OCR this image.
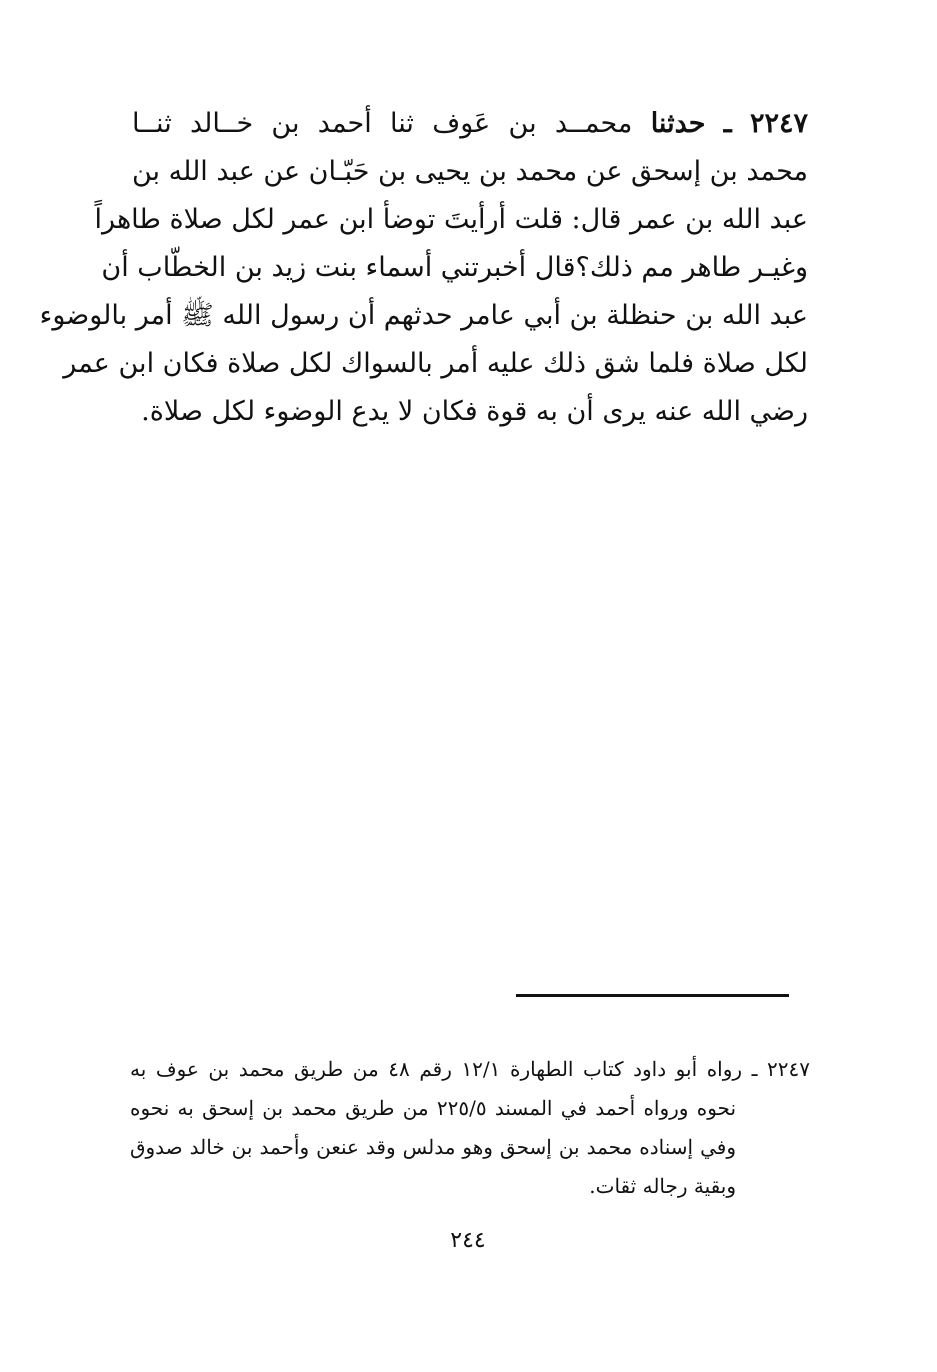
٢٢٤٧ ـ حدثنا محمــد بن عَوف ثنا أحمد بن خــالد ثنــا
محمد بن إسحق عن محمد بن يحيى بن حَبّـان عن عبد الله بن
عبد الله بن عمر قال: قلت أرأيتَ توضأ ابن عمر لكل صلاة طاهراً
وغيـر طاهر مم ذلك؟قال أخبرتني أسماء بنت زيد بن الخطّاب أن
عبد الله بن حنظلة بن أبي عامر حدثهم أن رسول الله ﷺ أمر بالوضوء
لكل صلاة فلما شق ذلك عليه أمر بالسواك لكل صلاة فكان ابن عمر
رضي الله عنه يرى أن به قوة فكان لا يدع الوضوء لكل صلاة.
٢٢٤٧ ـ رواه أبو داود كتاب الطهارة ١٢/١ رقم ٤٨ من طريق محمد بن عوف به
نحوه ورواه أحمد في المسند ٢٢٥/٥ من طريق محمد بن إسحق به نحوه
وفي إسناده محمد بن إسحق وهو مدلس وقد عنعن وأحمد بن خالد صدوق
وبقية رجاله ثقات.
٢٤٤
